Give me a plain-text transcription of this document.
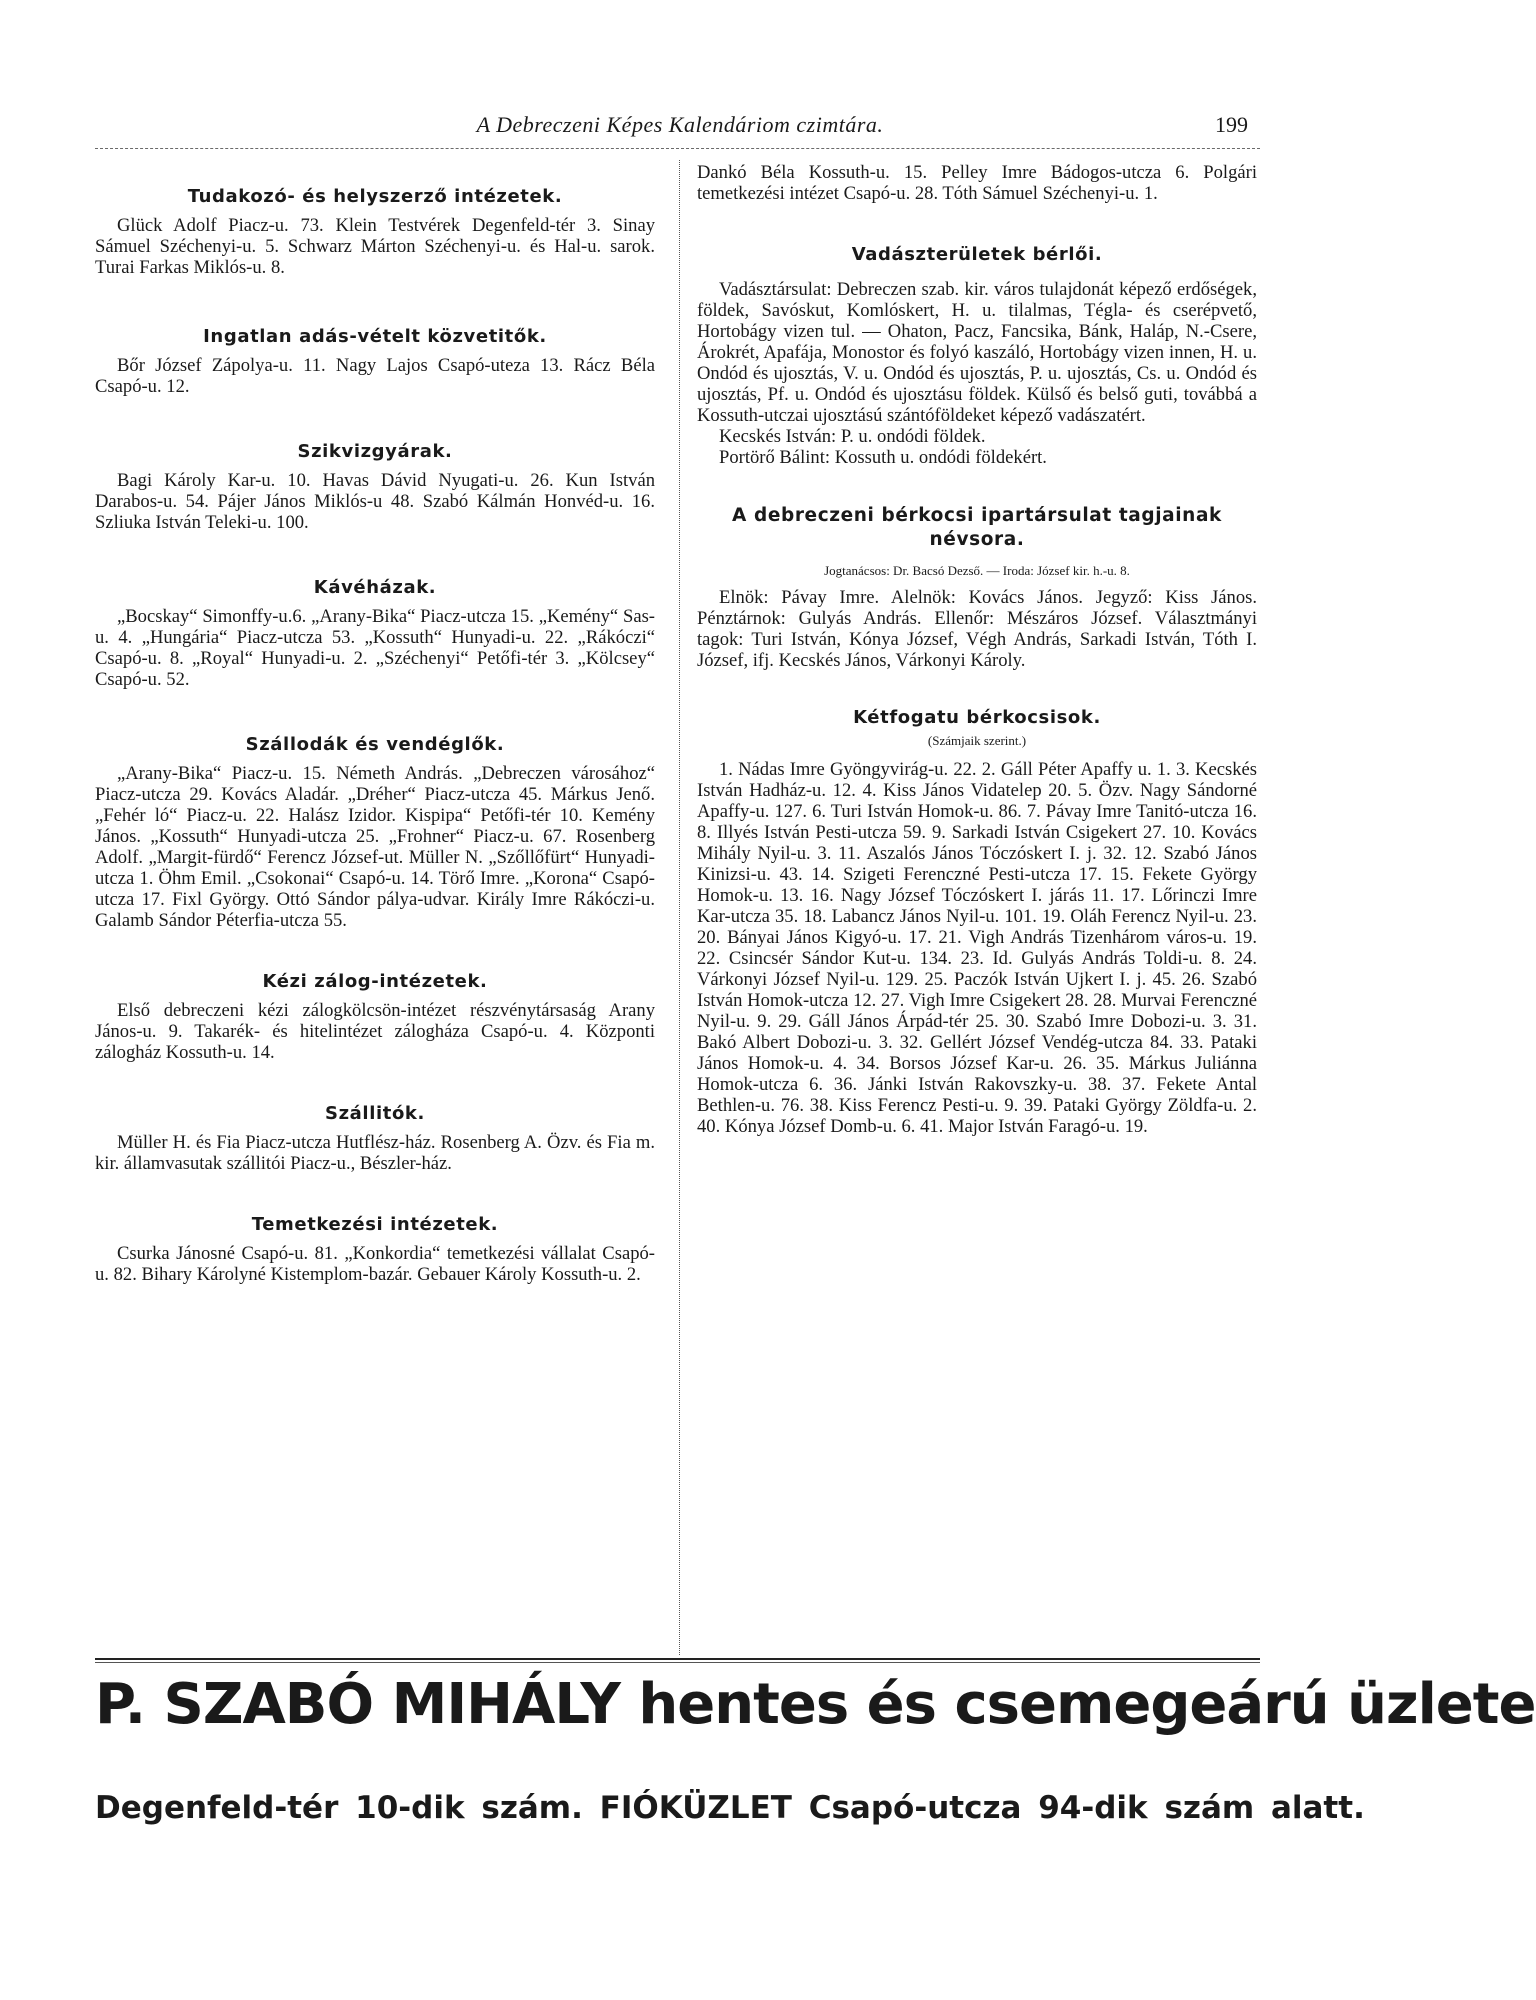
A Debreczeni Képes Kalendáriom czimtára.	199
Tudakozó- és helyszerző intézetek.

Glück Adolf Piacz-u. 73. Klein Testvérek Degenfeld-tér 3. Sinay Sámuel Széchenyi-u. 5. Schwarz Márton Széchenyi-u. és Hal-u. sarok. Turai Farkas Miklós-u. 8.

Ingatlan adás-vételt közvetitők.

Bőr József Zápolya-u. 11. Nagy Lajos Csapó-uteza 13. Rácz Béla Csapó-u. 12.

Szikvizgyárak.

Bagi Károly Kar-u. 10. Havas Dávid Nyugati-u. 26. Kun István Darabos-u. 54. Pájer János Miklós-u 48. Szabó Kálmán Honvéd-u. 16. Szliuka István Teleki-u. 100.

Kávéházak.

„Bocskay“ Simonffy-u.6. „Arany-Bika“ Piacz-utcza 15. „Kemény“ Sas-u. 4. „Hungária“ Piacz-utcza 53. „Kossuth“ Hunyadi-u. 22. „Rákóczi“ Csapó-u. 8. „Royal“ Hunyadi-u. 2. „Széchenyi“ Petőfi-tér 3. „Kölcsey“ Csapó-u. 52.

Szállodák és vendéglők.

„Arany-Bika“ Piacz-u. 15. Németh András. „Debreczen városához“ Piacz-utcza 29. Kovács Aladár. „Dréher“ Piacz-utcza 45. Márkus Jenő. „Fehér ló“ Piacz-u. 22. Halász Izidor. Kispipa“ Petőfi-tér 10. Kemény János. „Kossuth“ Hunyadi-utcza 25. „Frohner“ Piacz-u. 67. Rosenberg Adolf. „Margit-fürdő“ Ferencz József-ut. Müller N. „Szőllőfürt“ Hunyadi-utcza 1. Öhm Emil. „Csokonai“ Csapó-u. 14. Törő Imre. „Korona“ Csapó-utcza 17. Fixl György. Ottó Sándor pálya-udvar. Király Imre Rákóczi-u. Galamb Sándor Péterfia-utcza 55.

Kézi zálog-intézetek.

Első debreczeni kézi zálogkölcsön-intézet részvénytársaság Arany János-u. 9. Takarék- és hitelintézet zálogháza Csapó-u. 4. Központi zálogház Kossuth-u. 14.

Szállitók.

Müller H. és Fia Piacz-utcza Hutflész-ház. Rosenberg A. Özv. és Fia m. kir. államvasutak szállitói Piacz-u., Bészler-ház.

Temetkezési intézetek.

Csurka Jánosné Csapó-u. 81. „Konkordia“ temetkezési vállalat Csapó-u. 82. Bihary Károlyné Kistemplom-bazár. Gebauer Károly Kossuth-u. 2.

Dankó Béla Kossuth-u. 15. Pelley Imre Bádogos-utcza 6. Polgári temetkezési intézet Csapó-u. 28. Tóth Sámuel Széchenyi-u. 1.

Vadászterületek bérlői.

Vadásztársulat: Debreczen szab. kir. város tulajdonát képező erdőségek, földek, Savóskut, Komlóskert, H. u. tilalmas, Tégla- és cserépvető, Hortobágy vizen tul. — Ohaton, Pacz, Fancsika, Bánk, Haláp, N.-Csere, Árokrét, Apafája, Monostor és folyó kaszáló, Hortobágy vizen innen, H. u. Ondód és ujosztás, V. u. Ondód és ujosztás, P. u. ujosztás, Cs. u. Ondód és ujosztás, Pf. u. Ondód és ujosztásu földek. Külső és belső guti, továbbá a Kossuth-utczai ujosztású szántóföldeket képező vadászatért.

Kecskés István: P. u. ondódi földek.

Portörő Bálint: Kossuth u. ondódi földekért.

A debreczeni bérkocsi ipartársulat tagjainak névsora.

Jogtanácsos: Dr. Bacsó Dezső. — Iroda: József kir. h.-u. 8.

Elnök: Pávay Imre. Alelnök: Kovács János. Jegyző: Kiss János. Pénztárnok: Gulyás András. Ellenőr: Mészáros József. Választmányi tagok: Turi István, Kónya József, Végh András, Sarkadi István, Tóth I. József, ifj. Kecskés János, Várkonyi Károly.

Kétfogatu bérkocsisok.
(Számjaik szerint.)

1. Nádas Imre Gyöngyvirág-u. 22. 2. Gáll Péter Apaffy u. 1. 3. Kecskés István Hadház-u. 12. 4. Kiss János Vidatelep 20. 5. Özv. Nagy Sándorné Apaffy-u. 127. 6. Turi István Homok-u. 86. 7. Pávay Imre Tanitó-utcza 16. 8. Illyés István Pesti-utcza 59. 9. Sarkadi István Csigekert 27. 10. Kovács Mihály Nyil-u. 3. 11. Aszalós János Tóczóskert I. j. 32. 12. Szabó János Kinizsi-u. 43. 14. Szigeti Ferenczné Pesti-utcza 17. 15. Fekete György Homok-u. 13. 16. Nagy József Tóczóskert I. járás 11. 17. Lőrinczi Imre Kar-utcza 35. 18. Labancz János Nyil-u. 101. 19. Oláh Ferencz Nyil-u. 23. 20. Bányai János Kigyó-u. 17. 21. Vigh András Tizenhárom város-u. 19. 22. Csincsér Sándor Kut-u. 134. 23. Id. Gulyás András Toldi-u. 8. 24. Várkonyi József Nyil-u. 129. 25. Paczók István Ujkert I. j. 45. 26. Szabó István Homok-utcza 12. 27. Vigh Imre Csigekert 28. 28. Murvai Ferenczné Nyil-u. 9. 29. Gáll János Árpád-tér 25. 30. Szabó Imre Dobozi-u. 3. 31. Bakó Albert Dobozi-u. 3. 32. Gellért József Vendég-utcza 84. 33. Pataki János Homok-u. 4. 34. Borsos József Kar-u. 26. 35. Márkus Juliánna Homok-utcza 6. 36. Jánki István Rakovszky-u. 38. 37. Fekete Antal Bethlen-u. 76. 38. Kiss Ferencz Pesti-u. 9. 39. Pataki György Zöldfa-u. 2. 40. Kónya József Domb-u. 6. 41. Major István Faragó-u. 19.

P. SZABÓ MIHÁLY hentes és csemegeárú üzlete
Degenfeld-tér 10-dik szám. FIÓKÜZLET Csapó-utcza 94-dik szám alatt.
